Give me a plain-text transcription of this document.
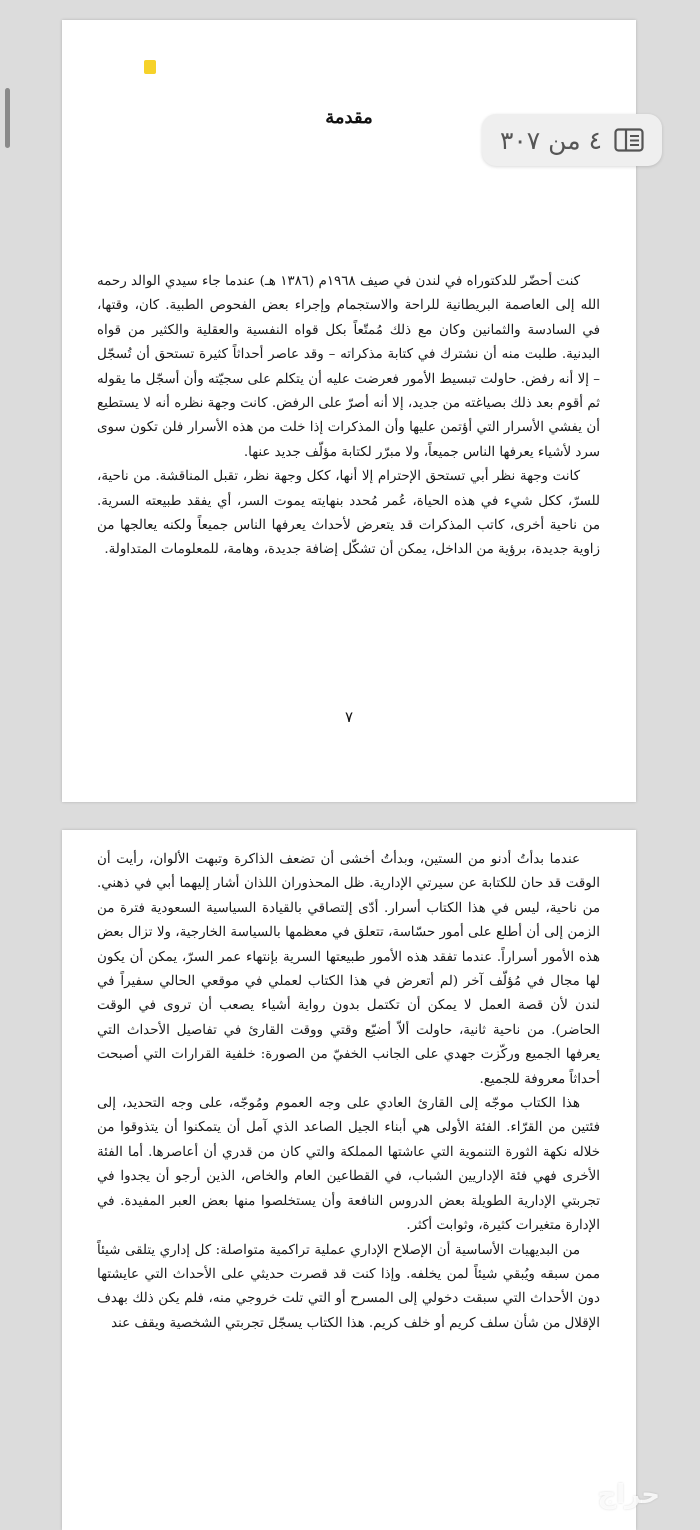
مقدمة

كنت أحضّر للدكتوراه في لندن في صيف ١٩٦٨م (١٣٨٦ هـ) عندما جاء سيدي الوالد رحمه الله إلى العاصمة البريطانية للراحة والاستجمام وإجراء بعض الفحوص الطبية. كان، وقتها، في السادسة والثمانين وكان مع ذلك مُمتّعاً بكل قواه النفسية والعقلية والكثير من قواه البدنية. طلبت منه أن نشترك في كتابة مذكراته – وقد عاصر أحداثاً كثيرة تستحق أن تُسجّل – إلا أنه رفض. حاولت تبسيط الأمور فعرضت عليه أن يتكلم على سجيّته وأن أسجّل ما يقوله ثم أقوم بعد ذلك بصياغته من جديد، إلا أنه أصرّ على الرفض. كانت وجهة نظره أنه لا يستطيع أن يفشي الأسرار التي أؤتمن عليها وأن المذكرات إذا خلت من هذه الأسرار فلن تكون سوى سرد لأشياء يعرفها الناس جميعاً، ولا مبرّر لكتابة مؤلّف جديد عنها.

كانت وجهة نظر أبي تستحق الإحترام إلا أنها، ككل وجهة نظر، تقبل المناقشة. من ناحية، للسرّ، ككل شيء في هذه الحياة، عُمر مُحدد بنهايته يموت السر، أي يفقد طبيعته السرية. من ناحية أخرى، كاتب المذكرات قد يتعرض لأحداث يعرفها الناس جميعاً ولكنه يعالجها من زاوية جديدة، برؤية من الداخل، يمكن أن تشكّل إضافة جديدة، وهامة، للمعلومات المتداولة.

٧

عندما بدأتُ أدنو من الستين، وبدأتُ أخشى أن تضعف الذاكرة وتبهت الألوان، رأيت أن الوقت قد حان للكتابة عن سيرتي الإدارية. ظل المحذوران اللذان أشار إليهما أبي في ذهني. من ناحية، ليس في هذا الكتاب أسرار. أدّى إلتصاقي بالقيادة السياسية السعودية فترة من الزمن إلى أن أطلع على أمور حسّاسة، تتعلق في معظمها بالسياسة الخارجية، ولا تزال بعض هذه الأمور أسراراً. عندما تفقد هذه الأمور طبيعتها السرية بإنتهاء عمر السرّ، يمكن أن يكون لها مجال في مُؤلّف آخر (لم أتعرض في هذا الكتاب لعملي في موقعي الحالي سفيراً في لندن لأن قصة العمل لا يمكن أن تكتمل بدون رواية أشياء يصعب أن تروى في الوقت الحاضر). من ناحية ثانية، حاولت ألاّ أضيّع وقتي ووقت القارئ في تفاصيل الأحداث التي يعرفها الجميع وركّزت جهدي على الجانب الخفيّ من الصورة: خلفية القرارات التي أصبحت أحداثاً معروفة للجميع.

هذا الكتاب موجّه إلى القارئ العادي على وجه العموم ومُوجّه، على وجه التحديد، إلى فئتين من القرّاء. الفئة الأولى هي أبناء الجيل الصاعد الذي آمل أن يتمكنوا أن يتذوقوا من خلاله نكهة الثورة التنموية التي عاشتها المملكة والتي كان من قدري أن أعاصرها. أما الفئة الأخرى فهي فئة الإداريين الشباب، في القطاعين العام والخاص، الذين أرجو أن يجدوا في تجربتي الإدارية الطويلة بعض الدروس النافعة وأن يستخلصوا منها بعض العبر المفيدة. في الإدارة متغيرات كثيرة، وثوابت أكثر.

من البديهيات الأساسية أن الإصلاح الإداري عملية تراكمية متواصلة: كل إداري يتلقى شيئاً ممن سبقه ويُبقي شيئاً لمن يخلفه. وإذا كنت قد قصرت حديثي على الأحداث التي عايشتها دون الأحداث التي سبقت دخولي إلى المسرح أو التي تلت خروجي منه، فلم يكن ذلك بهدف الإقلال من شأن سلف كريم أو خلف كريم. هذا الكتاب يسجّل تجربتي الشخصية ويقف عند

٤ من ٣٠٧
حراج
